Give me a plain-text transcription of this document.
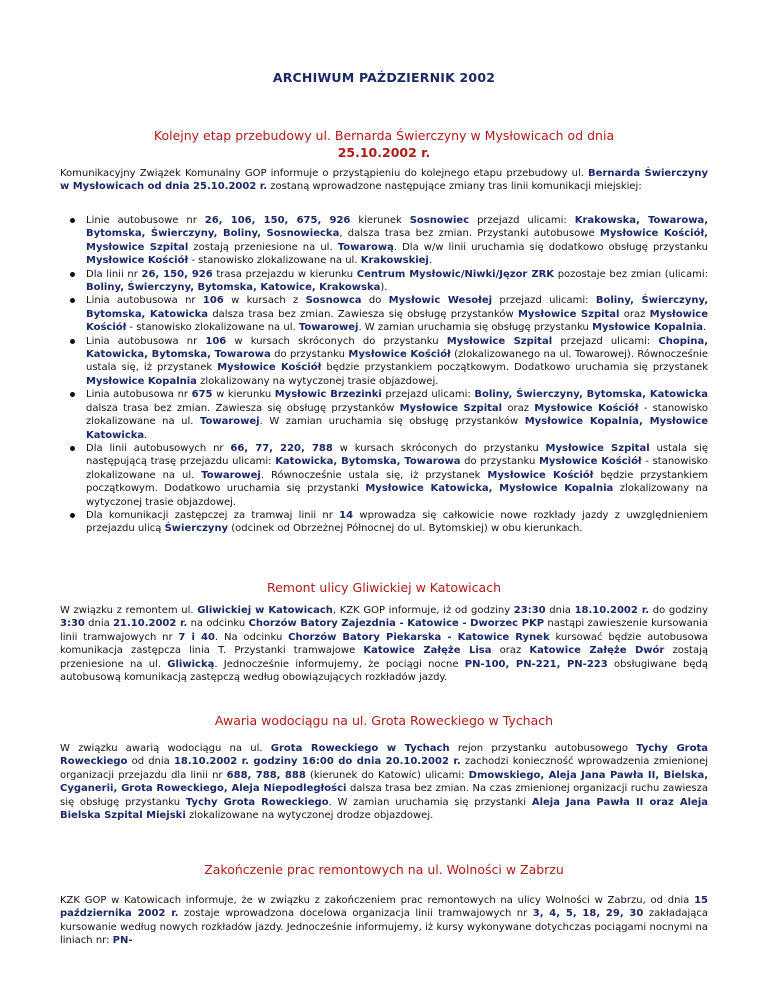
ARCHIWUM PAŹDZIERNIK 2002
Kolejny etap przebudowy ul. Bernarda Świerczyny w Mysłowicach od dnia
25.10.2002 r.

Komunikacyjny Związek Komunalny GOP informuje o przystąpieniu do kolejnego etapu przebudowy ul. Bernarda Świerczyny w Mysłowicach od dnia 25.10.2002 r. zostaną wprowadzone następujące zmiany tras linii komunikacji miejskiej:

Linie autobusowe nr 26, 106, 150, 675, 926 kierunek Sosnowiec przejazd ulicami: Krakowska, Towarowa, Bytomska, Świerczyny, Boliny, Sosnowiecka, dalsza trasa bez zmian. Przystanki autobusowe Mysłowice Kościół, Mysłowice Szpital zostają przeniesione na ul. Towarową. Dla w/w linii uruchamia się dodatkowo obsługę przystanku Mysłowice Kościół - stanowisko zlokalizowane na ul. Krakowskiej.
Dla linii nr 26, 150, 926 trasa przejazdu w kierunku Centrum Mysłowic/Niwki/Jęzor ZRK pozostaje bez zmian (ulicami: Boliny, Świerczyny, Bytomska, Katowice, Krakowska).
Linia autobusowa nr 106 w kursach z Sosnowca do Mysłowic Wesołej przejazd ulicami: Boliny, Świerczyny, Bytomska, Katowicka dalsza trasa bez zmian. Zawiesza się obsługę przystanków Mysłowice Szpital oraz Mysłowice Kościół - stanowisko zlokalizowane na ul. Towarowej. W zamian uruchamia się obsługę przystanku Mysłowice Kopalnia.
Linia autobusowa nr 106 w kursach skróconych do przystanku Mysłowice Szpital przejazd ulicami: Chopina, Katowicka, Bytomska, Towarowa do przystanku Mysłowice Kościół (zlokalizowanego na ul. Towarowej). Równocześnie ustala się, iż przystanek Mysłowice Kościół będzie przystankiem początkowym. Dodatkowo uruchamia się przystanek Mysłowice Kopalnia zlokalizowany na wytyczonej trasie objazdowej.
Linia autobusowa nr 675 w kierunku Mysłowic Brzezinki przejazd ulicami: Boliny, Świerczyny, Bytomska, Katowicka dalsza trasa bez zmian. Zawiesza się obsługę przystanków Mysłowice Szpital oraz Mysłowice Kościół - stanowisko zlokalizowane na ul. Towarowej. W zamian uruchamia się obsługę przystanków Mysłowice Kopalnia, Mysłowice Katowicka.
Dla linii autobusowych nr 66, 77, 220, 788 w kursach skróconych do przystanku Mysłowice Szpital ustala się następującą trasę przejazdu ulicami: Katowicka, Bytomska, Towarowa do przystanku Mysłowice Kościół - stanowisko zlokalizowane na ul. Towarowej. Równocześnie ustala się, iż przystanek Mysłowice Kościół będzie przystankiem początkowym. Dodatkowo uruchamia się przystanki Mysłowice Katowicka, Mysłowice Kopalnia zlokalizowany na wytyczonej trasie objazdowej.
Dla komunikacji zastępczej za tramwaj linii nr 14 wprowadza się całkowicie nowe rozkłady jazdy z uwzględnieniem przejazdu ulicą Świerczyny (odcinek od Obrzeżnej Północnej do ul. Bytomskiej) w obu kierunkach.
Remont ulicy Gliwickiej w Katowicach

W związku z remontem ul. Gliwickiej w Katowicach, KZK GOP informuje, iż od godziny 23:30 dnia 18.10.2002 r. do godziny 3:30 dnia 21.10.2002 r. na odcinku Chorzów Batory Zajezdnia - Katowice - Dworzec PKP nastąpi zawieszenie kursowania linii tramwajowych nr 7 i 40. Na odcinku Chorzów Batory Piekarska - Katowice Rynek kursować będzie autobusowa komunikacja zastępcza linia T. Przystanki tramwajowe Katowice Załęże Lisa oraz Katowice Załęże Dwór zostają przeniesione na ul. Gliwicką. Jednocześnie informujemy, że pociągi nocne PN-100, PN-221, PN-223 obsługiwane będą autobusową komunikacją zastępczą według obowiązujących rozkładów jazdy.

Awaria wodociągu na ul. Grota Roweckiego w Tychach

W związku awarią wodociągu na ul. Grota Roweckiego w Tychach rejon przystanku autobusowego Tychy Grota Roweckiego od dnia 18.10.2002 r. godziny 16:00 do dnia 20.10.2002 r. zachodzi konieczność wprowadzenia zmienionej organizacji przejazdu dla linii nr 688, 788, 888 (kierunek do Katowic) ulicami: Dmowskiego, Aleja Jana Pawła II, Bielska, Cyganerii, Grota Roweckiego, Aleja Niepodległości dalsza trasa bez zmian. Na czas zmienionej organizacji ruchu zawiesza się obsługę przystanku Tychy Grota Roweckiego. W zamian uruchamia się przystanki Aleja Jana Pawła II oraz Aleja Bielska Szpital Miejski zlokalizowane na wytyczonej drodze objazdowej.

Zakończenie prac remontowych na ul. Wolności w Zabrzu

KZK GOP w Katowicach informuje, że w związku z zakończeniem prac remontowych na ulicy Wolności w Zabrzu, od dnia 15 października 2002 r. zostaje wprowadzona docelowa organizacja linii tramwajowych nr 3, 4, 5, 18, 29, 30 zakładająca kursowanie według nowych rozkładów jazdy. Jednocześnie informujemy, iż kursy wykonywane dotychczas pociągami nocnymi na liniach nr: PN-
